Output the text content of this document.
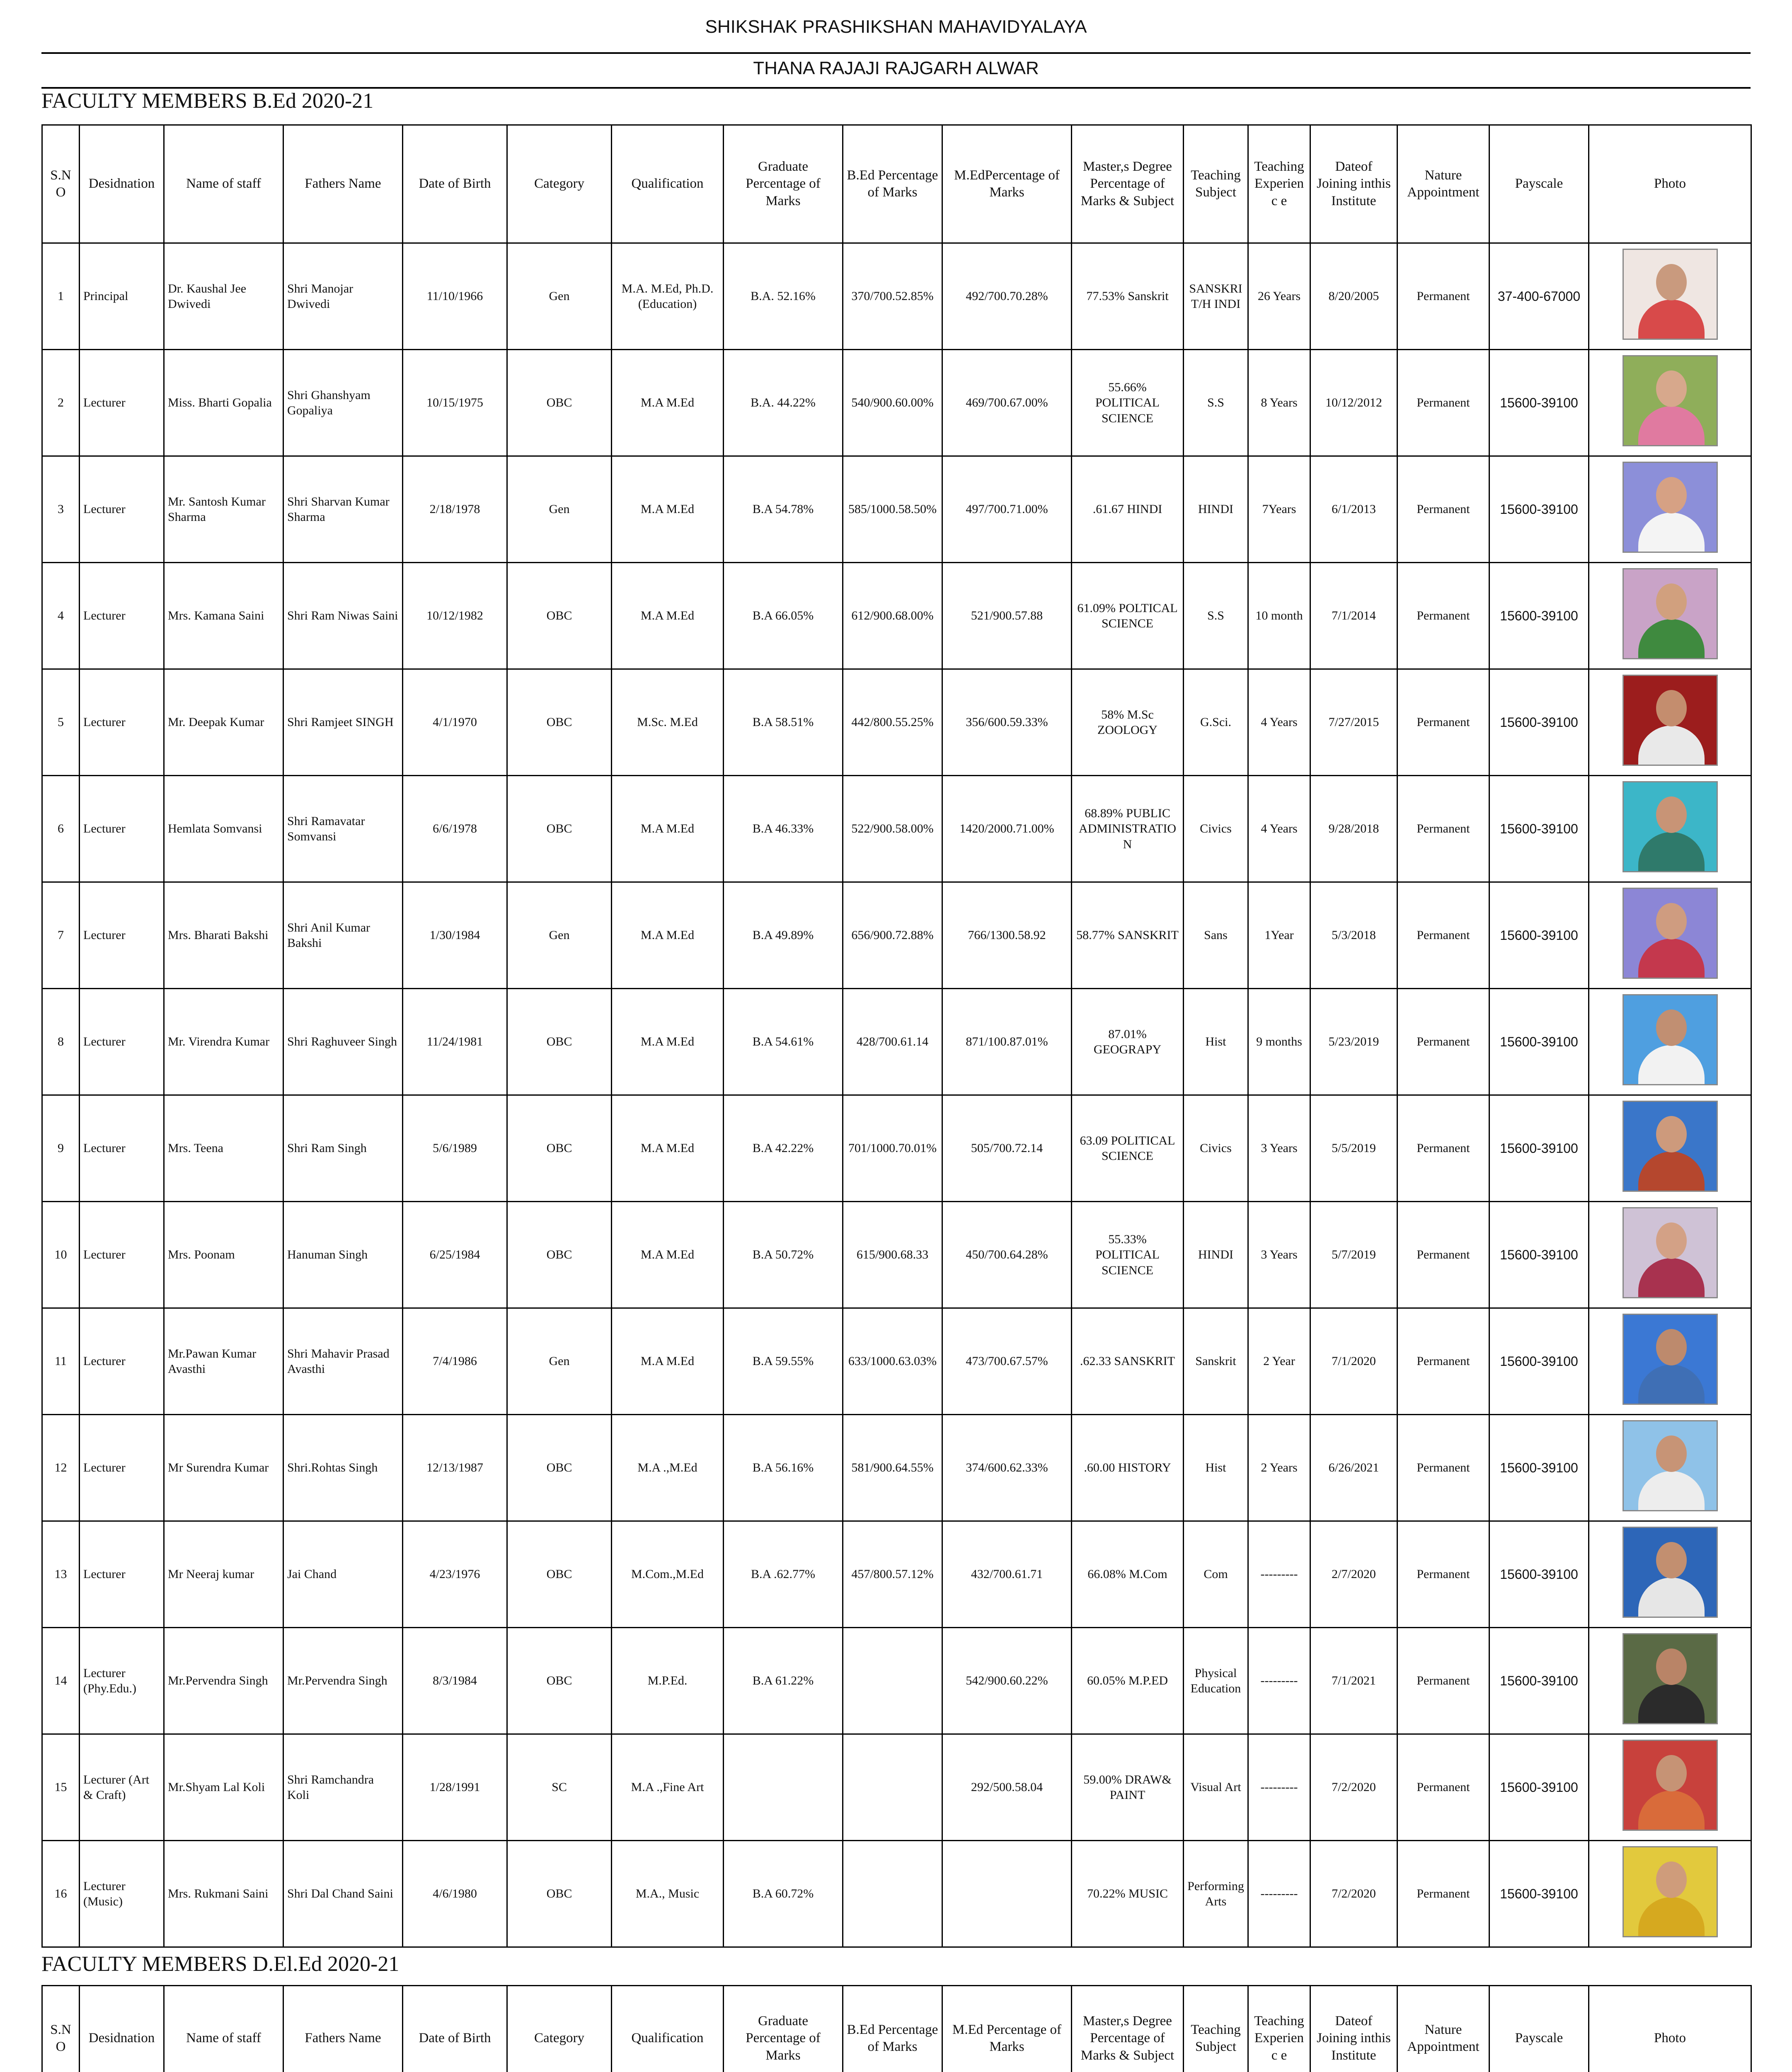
SHIKSHAK PRASHIKSHAN MAHAVIDYALAYA
THANA RAJAJI RAJGARH ALWAR
FACULTY MEMBERS B.Ed 2020-21
S.NO	Desidnation	Name of staff	Fathers Name	Date of Birth	Category	Qualification	Graduate Percentage of Marks	B.Ed Percentage of Marks	M.EdPercentage of Marks	Master,s Degree Percentage of Marks & Subject	Teaching Subject	Teaching Experienc e	Dateof Joining inthis Institute	Nature Appointment	Payscale	Photo
1	Principal	Dr. Kaushal Jee Dwivedi	Shri Manojar Dwivedi	11/10/1966	Gen	M.A. M.Ed, Ph.D.(Education)	B.A. 52.16%	370/700.52.85%	492/700.70.28%	77.53% Sanskrit	SANSKRIT/H INDI	26 Years	8/20/2005	Permanent	37-400-67000	

2	Lecturer	Miss. Bharti Gopalia	Shri Ghanshyam Gopaliya	10/15/1975	OBC	M.A M.Ed	B.A. 44.22%	540/900.60.00%	469/700.67.00%	55.66% POLITICAL SCIENCE	S.S	8 Years	10/12/2012	Permanent	15600-39100	

3	Lecturer	Mr. Santosh Kumar Sharma	Shri Sharvan Kumar Sharma	2/18/1978	Gen	M.A M.Ed	B.A 54.78%	585/1000.58.50%	497/700.71.00%	.61.67 HINDI	HINDI	7Years	6/1/2013	Permanent	15600-39100	

4	Lecturer	Mrs. Kamana Saini	Shri Ram Niwas Saini	10/12/1982	OBC	M.A M.Ed	B.A 66.05%	612/900.68.00%	521/900.57.88	61.09% POLTICAL SCIENCE	S.S	10 month	7/1/2014	Permanent	15600-39100	

5	Lecturer	Mr. Deepak Kumar	Shri Ramjeet SINGH	4/1/1970	OBC	M.Sc. M.Ed	B.A 58.51%	442/800.55.25%	356/600.59.33%	58% M.Sc ZOOLOGY	G.Sci.	4 Years	7/27/2015	Permanent	15600-39100	

6	Lecturer	Hemlata Somvansi	Shri Ramavatar Somvansi	6/6/1978	OBC	M.A M.Ed	B.A 46.33%	522/900.58.00%	1420/2000.71.00%	68.89% PUBLIC ADMINISTRATION	Civics	4 Years	9/28/2018	Permanent	15600-39100	

7	Lecturer	Mrs. Bharati Bakshi	Shri Anil Kumar Bakshi	1/30/1984	Gen	M.A M.Ed	B.A 49.89%	656/900.72.88%	766/1300.58.92	58.77% SANSKRIT	Sans	1Year	5/3/2018	Permanent	15600-39100	

8	Lecturer	Mr. Virendra Kumar	Shri Raghuveer Singh	11/24/1981	OBC	M.A M.Ed	B.A 54.61%	428/700.61.14	871/100.87.01%	87.01% GEOGRAPY	Hist	9 months	5/23/2019	Permanent	15600-39100	

9	Lecturer	Mrs. Teena	Shri Ram Singh	5/6/1989	OBC	M.A M.Ed	B.A 42.22%	701/1000.70.01%	505/700.72.14	63.09 POLITICAL SCIENCE	Civics	3 Years	5/5/2019	Permanent	15600-39100	

10	Lecturer	Mrs. Poonam	Hanuman Singh	6/25/1984	OBC	M.A M.Ed	B.A 50.72%	615/900.68.33	450/700.64.28%	55.33% POLITICAL SCIENCE	HINDI	3 Years	5/7/2019	Permanent	15600-39100	

11	Lecturer	Mr.Pawan Kumar Avasthi	Shri Mahavir Prasad Avasthi	7/4/1986	Gen	M.A M.Ed	B.A 59.55%	633/1000.63.03%	473/700.67.57%	.62.33 SANSKRIT	Sanskrit	2 Year	7/1/2020	Permanent	15600-39100	

12	Lecturer	Mr Surendra Kumar	Shri.Rohtas Singh	12/13/1987	OBC	M.A .,M.Ed	B.A 56.16%	581/900.64.55%	374/600.62.33%	.60.00 HISTORY	Hist	2 Years	6/26/2021	Permanent	15600-39100	

13	Lecturer	Mr Neeraj kumar	Jai Chand	4/23/1976	OBC	M.Com.,M.Ed	B.A .62.77%	457/800.57.12%	432/700.61.71	66.08% M.Com	Com	---------	2/7/2020	Permanent	15600-39100	

14	Lecturer (Phy.Edu.)	Mr.Pervendra Singh	Mr.Pervendra Singh	8/3/1984	OBC	M.P.Ed.	B.A 61.22%		542/900.60.22%	60.05% M.P.ED	Physical Education	---------	7/1/2021	Permanent	15600-39100	

15	Lecturer (Art & Craft)	Mr.Shyam Lal Koli	Shri Ramchandra Koli	1/28/1991	SC	M.A .,Fine Art			292/500.58.04	59.00% DRAW& PAINT	Visual Art	---------	7/2/2020	Permanent	15600-39100	

16	Lecturer (Music)	Mrs. Rukmani Saini	Shri Dal Chand Saini	4/6/1980	OBC	M.A., Music	B.A 60.72%			70.22% MUSIC	Performing Arts	---------	7/2/2020	Permanent	15600-39100	
FACULTY MEMBERS D.El.Ed 2020-21
S.NO	Desidnation	Name of staff	Fathers Name	Date of Birth	Category	Qualification	Graduate Percentage of Marks	B.Ed Percentage of Marks	M.Ed Percentage of Marks	Master,s Degree Percentage of Marks & Subject	Teaching Subject	Teaching Experienc e	Dateof Joining inthis Institute	Nature Appointment	Payscale	Photo
